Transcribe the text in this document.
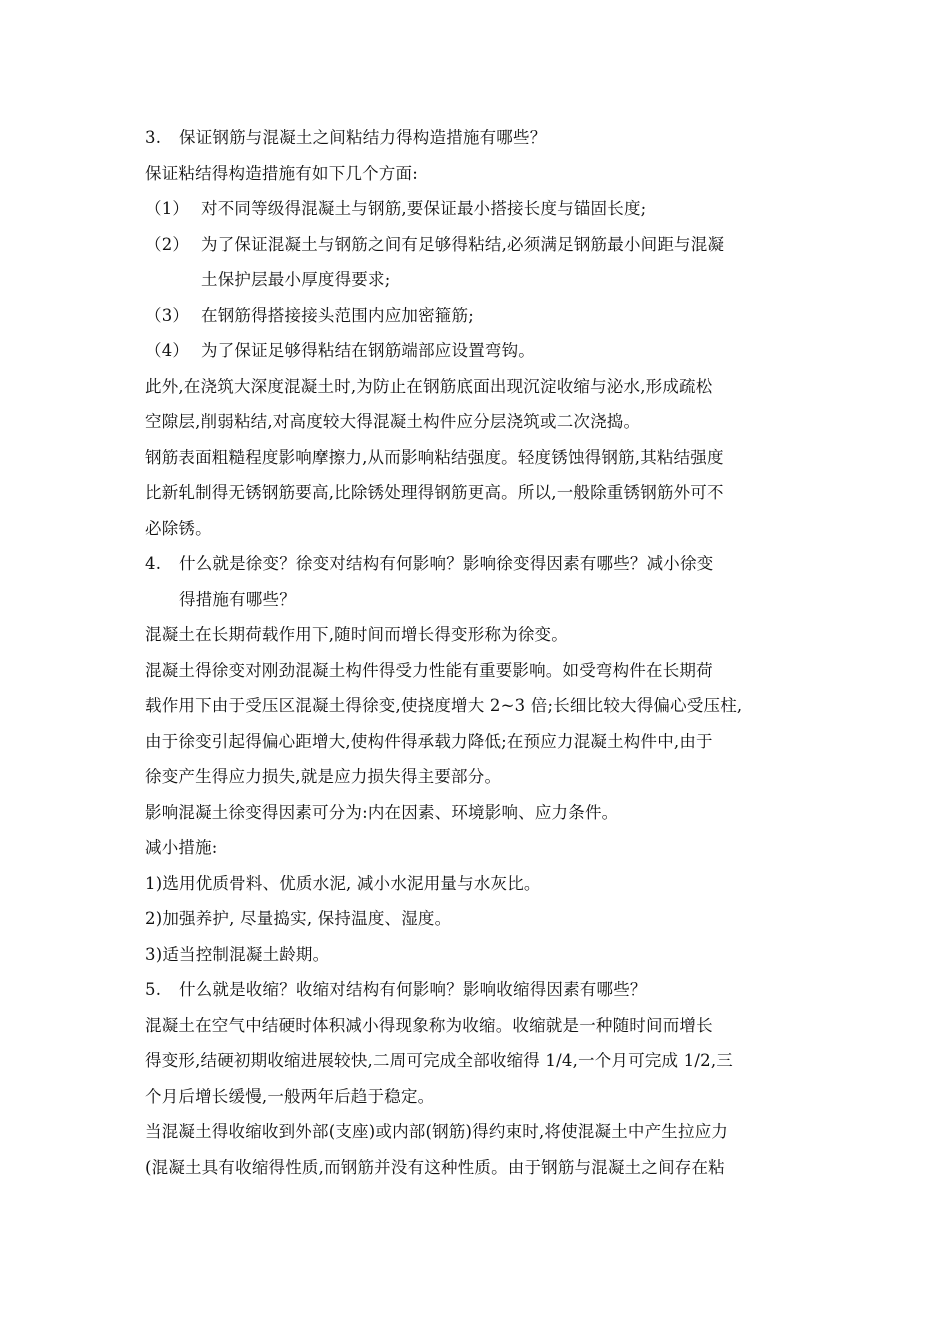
3. 保证钢筋与混凝土之间粘结力得构造措施有哪些？
保证粘结得构造措施有如下几个方面:
（1） 对不同等级得混凝土与钢筋,要保证最小搭接长度与锚固长度;
（2） 为了保证混凝土与钢筋之间有足够得粘结,必须满足钢筋最小间距与混凝
土保护层最小厚度得要求;
（3） 在钢筋得搭接接头范围内应加密箍筋;
（4） 为了保证足够得粘结在钢筋端部应设置弯钩。
此外,在浇筑大深度混凝土时,为防止在钢筋底面出现沉淀收缩与泌水,形成疏松
空隙层,削弱粘结,对高度较大得混凝土构件应分层浇筑或二次浇捣。
钢筋表面粗糙程度影响摩擦力,从而影响粘结强度。轻度锈蚀得钢筋,其粘结强度
比新轧制得无锈钢筋要高,比除锈处理得钢筋更高。所以,一般除重锈钢筋外可不
必除锈。
4. 什么就是徐变？徐变对结构有何影响？影响徐变得因素有哪些？减小徐变
得措施有哪些？
混凝土在长期荷载作用下,随时间而增长得变形称为徐变。
混凝土得徐变对刚劲混凝土构件得受力性能有重要影响。如受弯构件在长期荷
载作用下由于受压区混凝土得徐变,使挠度增大 2~3 倍;长细比较大得偏心受压柱,
由于徐变引起得偏心距增大,使构件得承载力降低;在预应力混凝土构件中,由于
徐变产生得应力损失,就是应力损失得主要部分。
影响混凝土徐变得因素可分为:内在因素、环境影响、应力条件。
减小措施:
1)选用优质骨料、优质水泥, 减小水泥用量与水灰比。
2)加强养护, 尽量捣实, 保持温度、湿度。
3)适当控制混凝土龄期。
5. 什么就是收缩？收缩对结构有何影响？影响收缩得因素有哪些？
混凝土在空气中结硬时体积减小得现象称为收缩。收缩就是一种随时间而增长
得变形,结硬初期收缩进展较快,二周可完成全部收缩得 1/4,一个月可完成 1/2,三
个月后增长缓慢,一般两年后趋于稳定。
当混凝土得收缩收到外部(支座)或内部(钢筋)得约束时,将使混凝土中产生拉应力
(混凝土具有收缩得性质,而钢筋并没有这种性质。由于钢筋与混凝土之间存在粘
